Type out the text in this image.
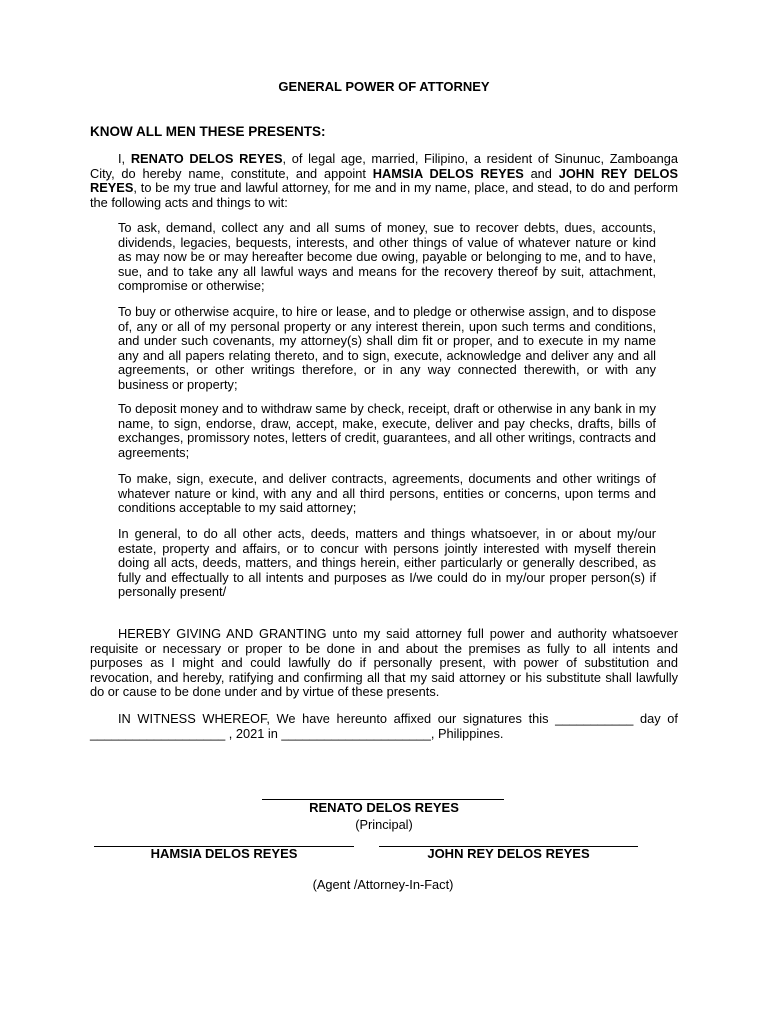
GENERAL POWER OF ATTORNEY
KNOW ALL MEN THESE PRESENTS:

I, RENATO DELOS REYES, of legal age, married, Filipino, a resident of Sinunuc, Zamboanga City, do hereby name, constitute, and appoint HAMSIA DELOS REYES and JOHN REY DELOS REYES, to be my true and lawful attorney, for me and in my name, place, and stead, to do and perform the following acts and things to wit:

To ask, demand, collect any and all sums of money, sue to recover debts, dues, accounts, dividends, legacies, bequests, interests, and other things of value of whatever nature or kind as may now be or may hereafter become due owing, payable or belonging to me, and to have, sue, and to take any all lawful ways and means for the recovery thereof by suit, attachment, compromise or otherwise;

To buy or otherwise acquire, to hire or lease, and to pledge or otherwise assign, and to dispose of, any or all of my personal property or any interest therein, upon such terms and conditions, and under such covenants, my attorney(s) shall dim fit or proper, and to execute in my name any and all papers relating thereto, and to sign, execute, acknowledge and deliver any and all agreements, or other writings therefore, or in any way connected therewith, or with any business or property;

To deposit money and to withdraw same by check, receipt, draft or otherwise in any bank in my name, to sign, endorse, draw, accept, make, execute, deliver and pay checks, drafts, bills of exchanges, promissory notes, letters of credit, guarantees, and all other writings, contracts and agreements;

To make, sign, execute, and deliver contracts, agreements, documents and other writings of whatever nature or kind, with any and all third persons, entities or concerns, upon terms and conditions acceptable to my said attorney;

In general, to do all other acts, deeds, matters and things whatsoever, in or about my/our estate, property and affairs, or to concur with persons jointly interested with myself therein doing all acts, deeds, matters, and things herein, either particularly or generally described, as fully and effectually to all intents and purposes as I/we could do in my/our proper person(s) if personally present/

HEREBY GIVING AND GRANTING unto my said attorney full power and authority whatsoever requisite or necessary or proper to be done in and about the premises as fully to all intents and purposes as I might and could lawfully do if personally present, with power of substitution and revocation, and hereby, ratifying and confirming all that my said attorney or his substitute shall lawfully do or cause to be done under and by virtue of these presents.

IN WITNESS WHEREOF, We have hereunto affixed our signatures this ___________ day of ___________________ , 2021 in _____________________, Philippines.

RENATO DELOS REYES
(Principal)
HAMSIA DELOS REYES	JOHN REY DELOS REYES
(Agent /Attorney-In-Fact)
